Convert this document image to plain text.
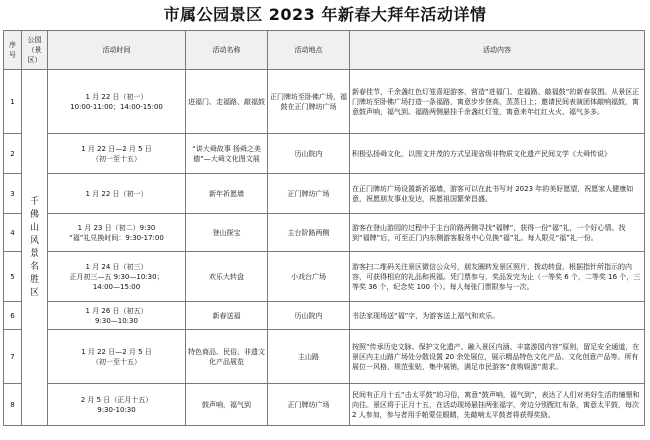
市属公园景区 2023 年新春大拜年活动详情
序号	公园（景区）	活动时间	活动名称	活动地点	活动内容
1	千佛山风景名胜区	1 月 22 日（初一）
10:00-11:00；14:00-15:00	进福门、走福路、敲福鼓	正门牌坊至卧佛广场，福鼓在正门牌坊广场	新春佳节，千余盏红色灯笼喜迎游客，营造“进福门、走福路、敲福鼓”的新春氛围。从景区正门牌坊至卧佛广场打造一条福路，寓意步步登高，蒸蒸日上；邀请民间表演团体敲响福鼓，寓意鼓声响，福气到。福路两侧悬挂千余盏红灯笼，寓意来年红红火火、福气多多。
2		1 月 22 日—2 月 5 日
（初一至十五）	“讲大舜故事 扬舜之美德”—大舜文化图文展	历山院内	积极弘扬舜文化，以图文并茂的方式呈现省级非物质文化遗产民间文学《大舜传说》
3		1 月 22 日（初一）	新年祈愿墙	正门牌坊广场	在正门牌坊广场设置新祈福墙，游客可以在此书写对 2023 年的美好愿望，祝愿家人健康如意，祝愿朋友事业发达，祝愿祖国繁荣昌盛。
4		1 月 23 日（初二）9:30
“福”礼兑换时间：9:30-17:00	登山探宝	主台阶路两侧	游客在登山游园的过程中于主台阶路两侧寻找“福牌”，获得一份“福”礼，一个好心情。找到“福牌”后，可至正门内东侧游客服务中心兑换“福”礼。每人限兑“福”礼一份。
5		1 月 24 日（初三）
正月初三—五 9:30—10:30；
14:00—15:00	欢乐大转盘	小戏台广场	游客扫二维码关注景区微信公众号，朋友圈转发景区照片，拨动转盘，根据指针所指示的内容，可获得相应的礼品和祝福。凭门票参与，奖品发完为止（一等奖 6 个，二等奖 16 个，三等奖 36 个，纪念奖 100 个）。每人每张门票限参与一次。
6		1 月 26 日（初五）
9:30—10:30	新春送福	历山院内	书法家现场送“福”字，为游客送上福气和欢乐。
7		1 月 22 日—2 月 5 日
（初一至十五）	特色商品、民俗、非遗文化产品展览	主山路	按照“传承历史文脉、保护文化遗产、融入景区内涵、丰富游园内容”原则，留足安全通道，在景区内主山路广场处分散设置 20 余处展位，展示精品特色文化产品、文化创意产品等。所有展位一风格，规范张贴，集中展销，满足市民游客“食购娱游”需求。
8		2 月 5 日（正月十五）
9:30-10:30	鼓声响，福气到	正门牌坊广场	民间有正月十五“击太平鼓”的习俗，寓意“鼓声响，福气到”，表达了人们对美好生活的憧憬和向往。景区将于正月十五，在活动现场悬挂两张福字，旁边分别配红布条，寓意太平鼓，每次 2 人参加，参与者用手帕蒙住眼睛，先敲响太平鼓者将获得奖励。
